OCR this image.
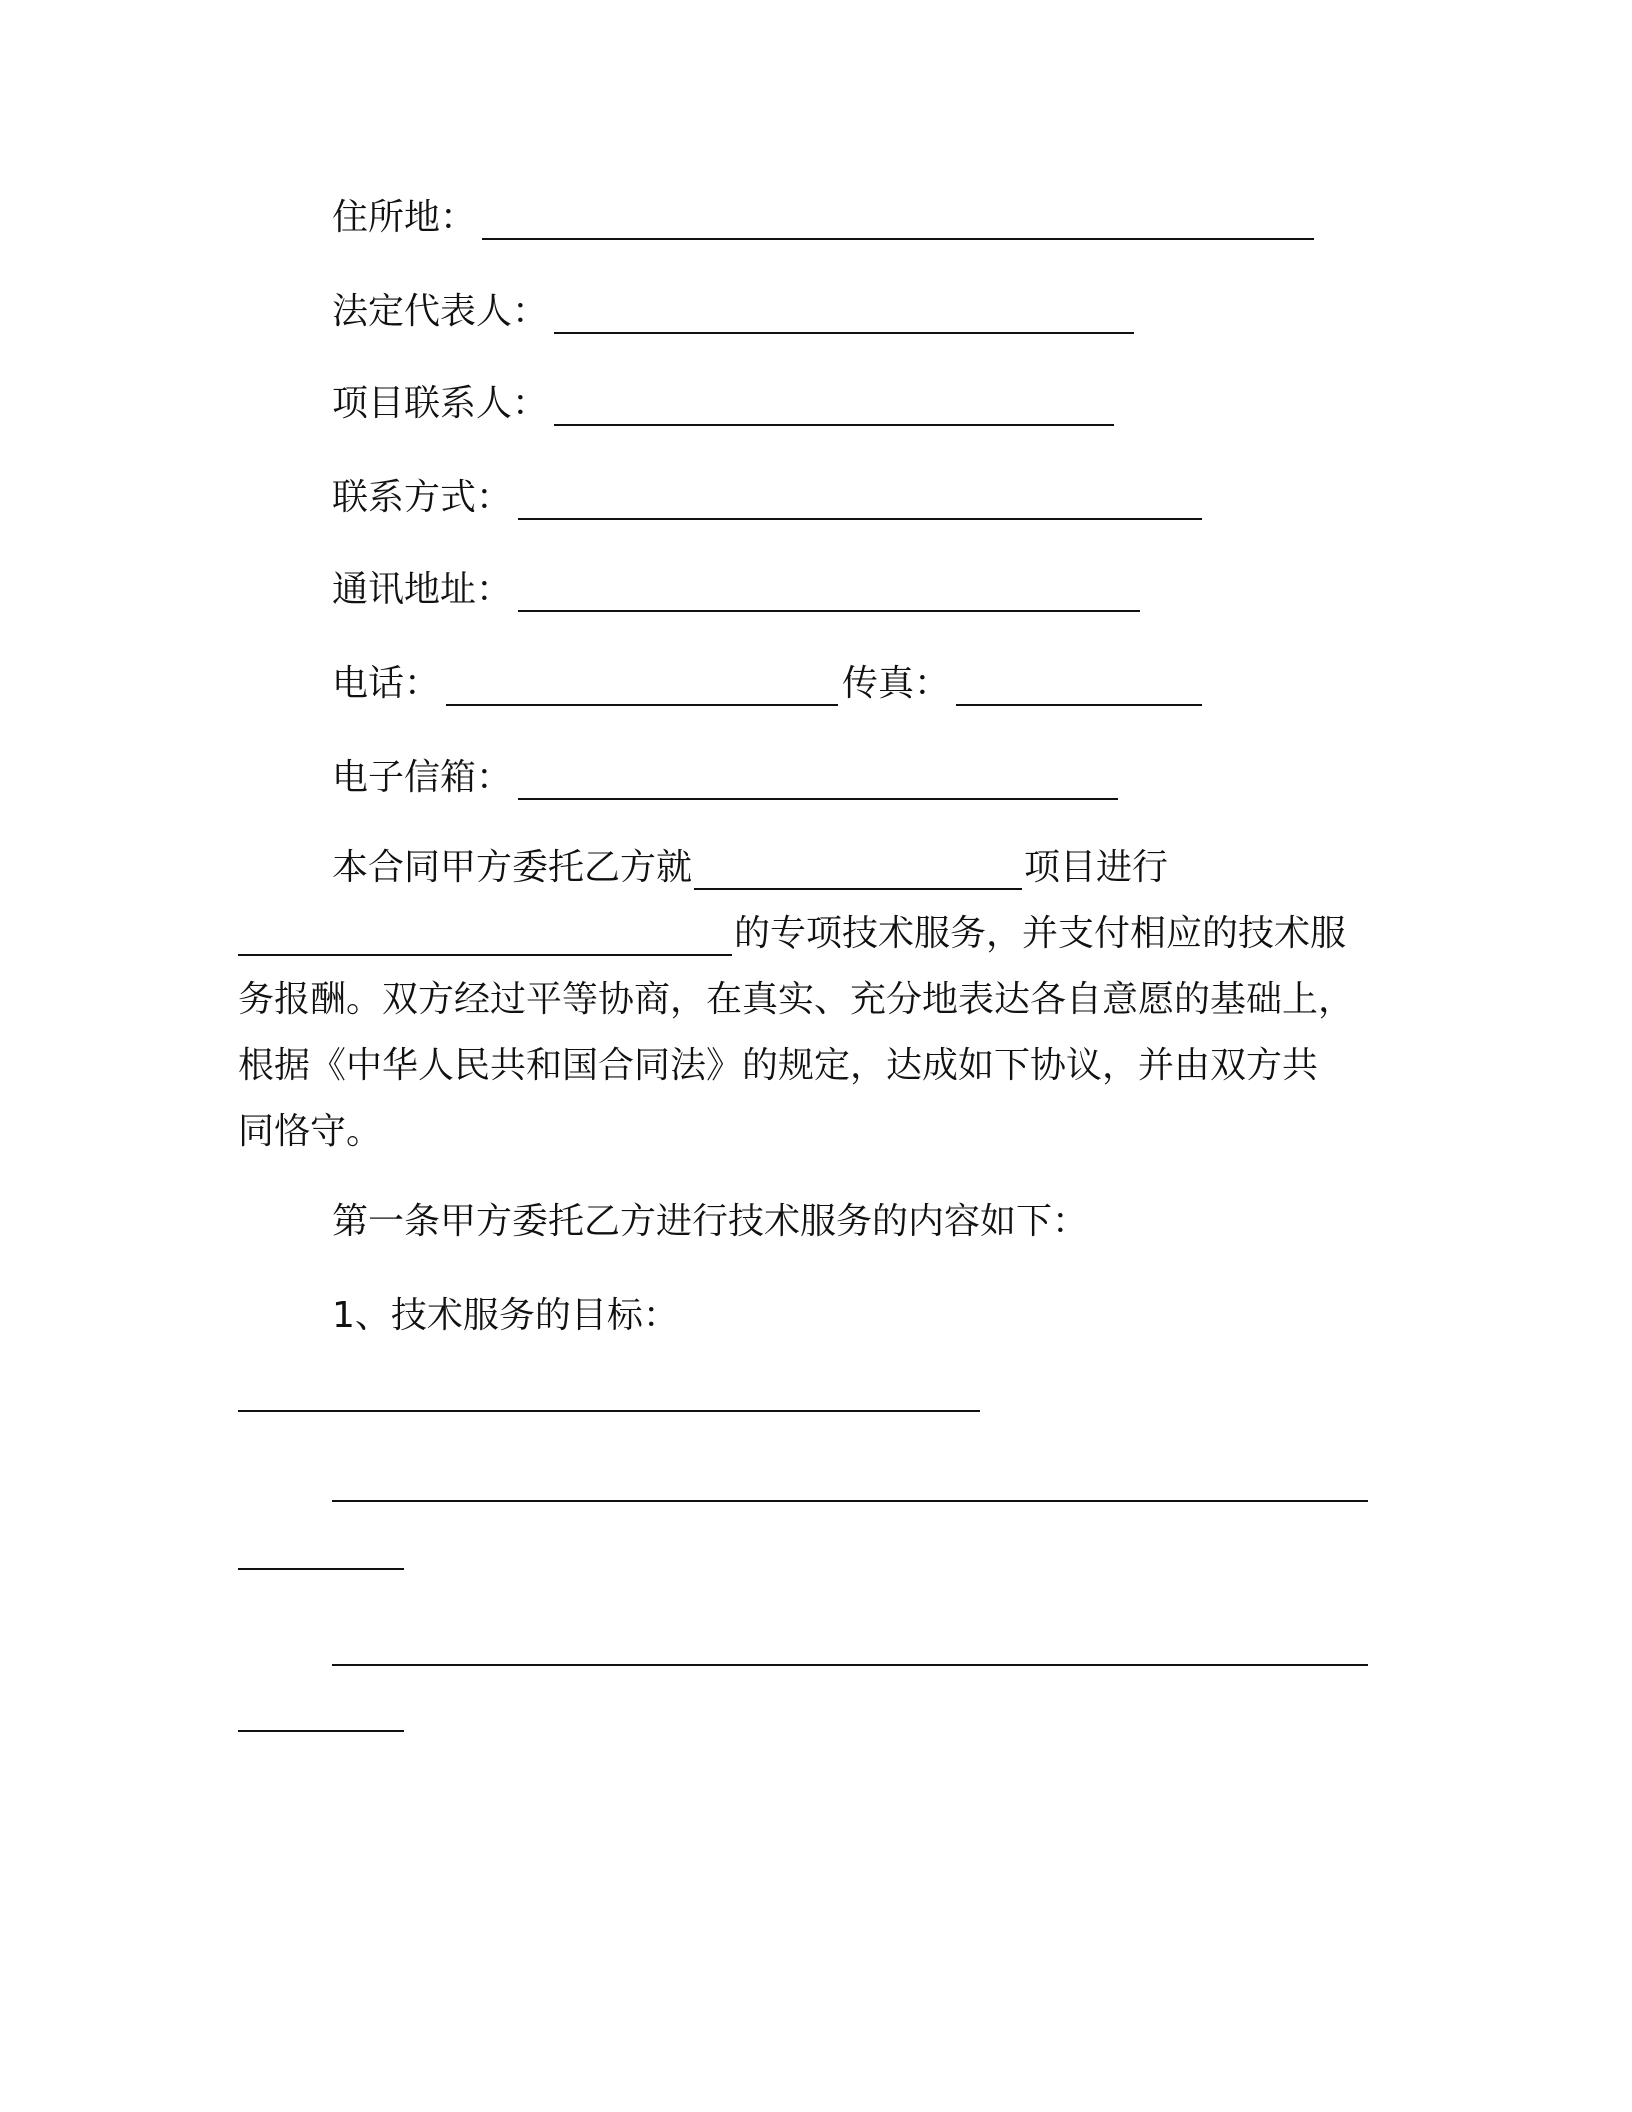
住所地：
法定代表人：
项目联系人：
联系方式：
通讯地址：
电话：	传真：
电子信箱：
本合同甲方委托乙方就	项目进行
的专项技术服务，并支付相应的技术服
务报酬。双方经过平等协商，在真实、充分地表达各自意愿的基础上，
根据《中华人民共和国合同法》的规定，达成如下协议，并由双方共
同恪守。
第一条甲方委托乙方进行技术服务的内容如下：
1、技术服务的目标：
